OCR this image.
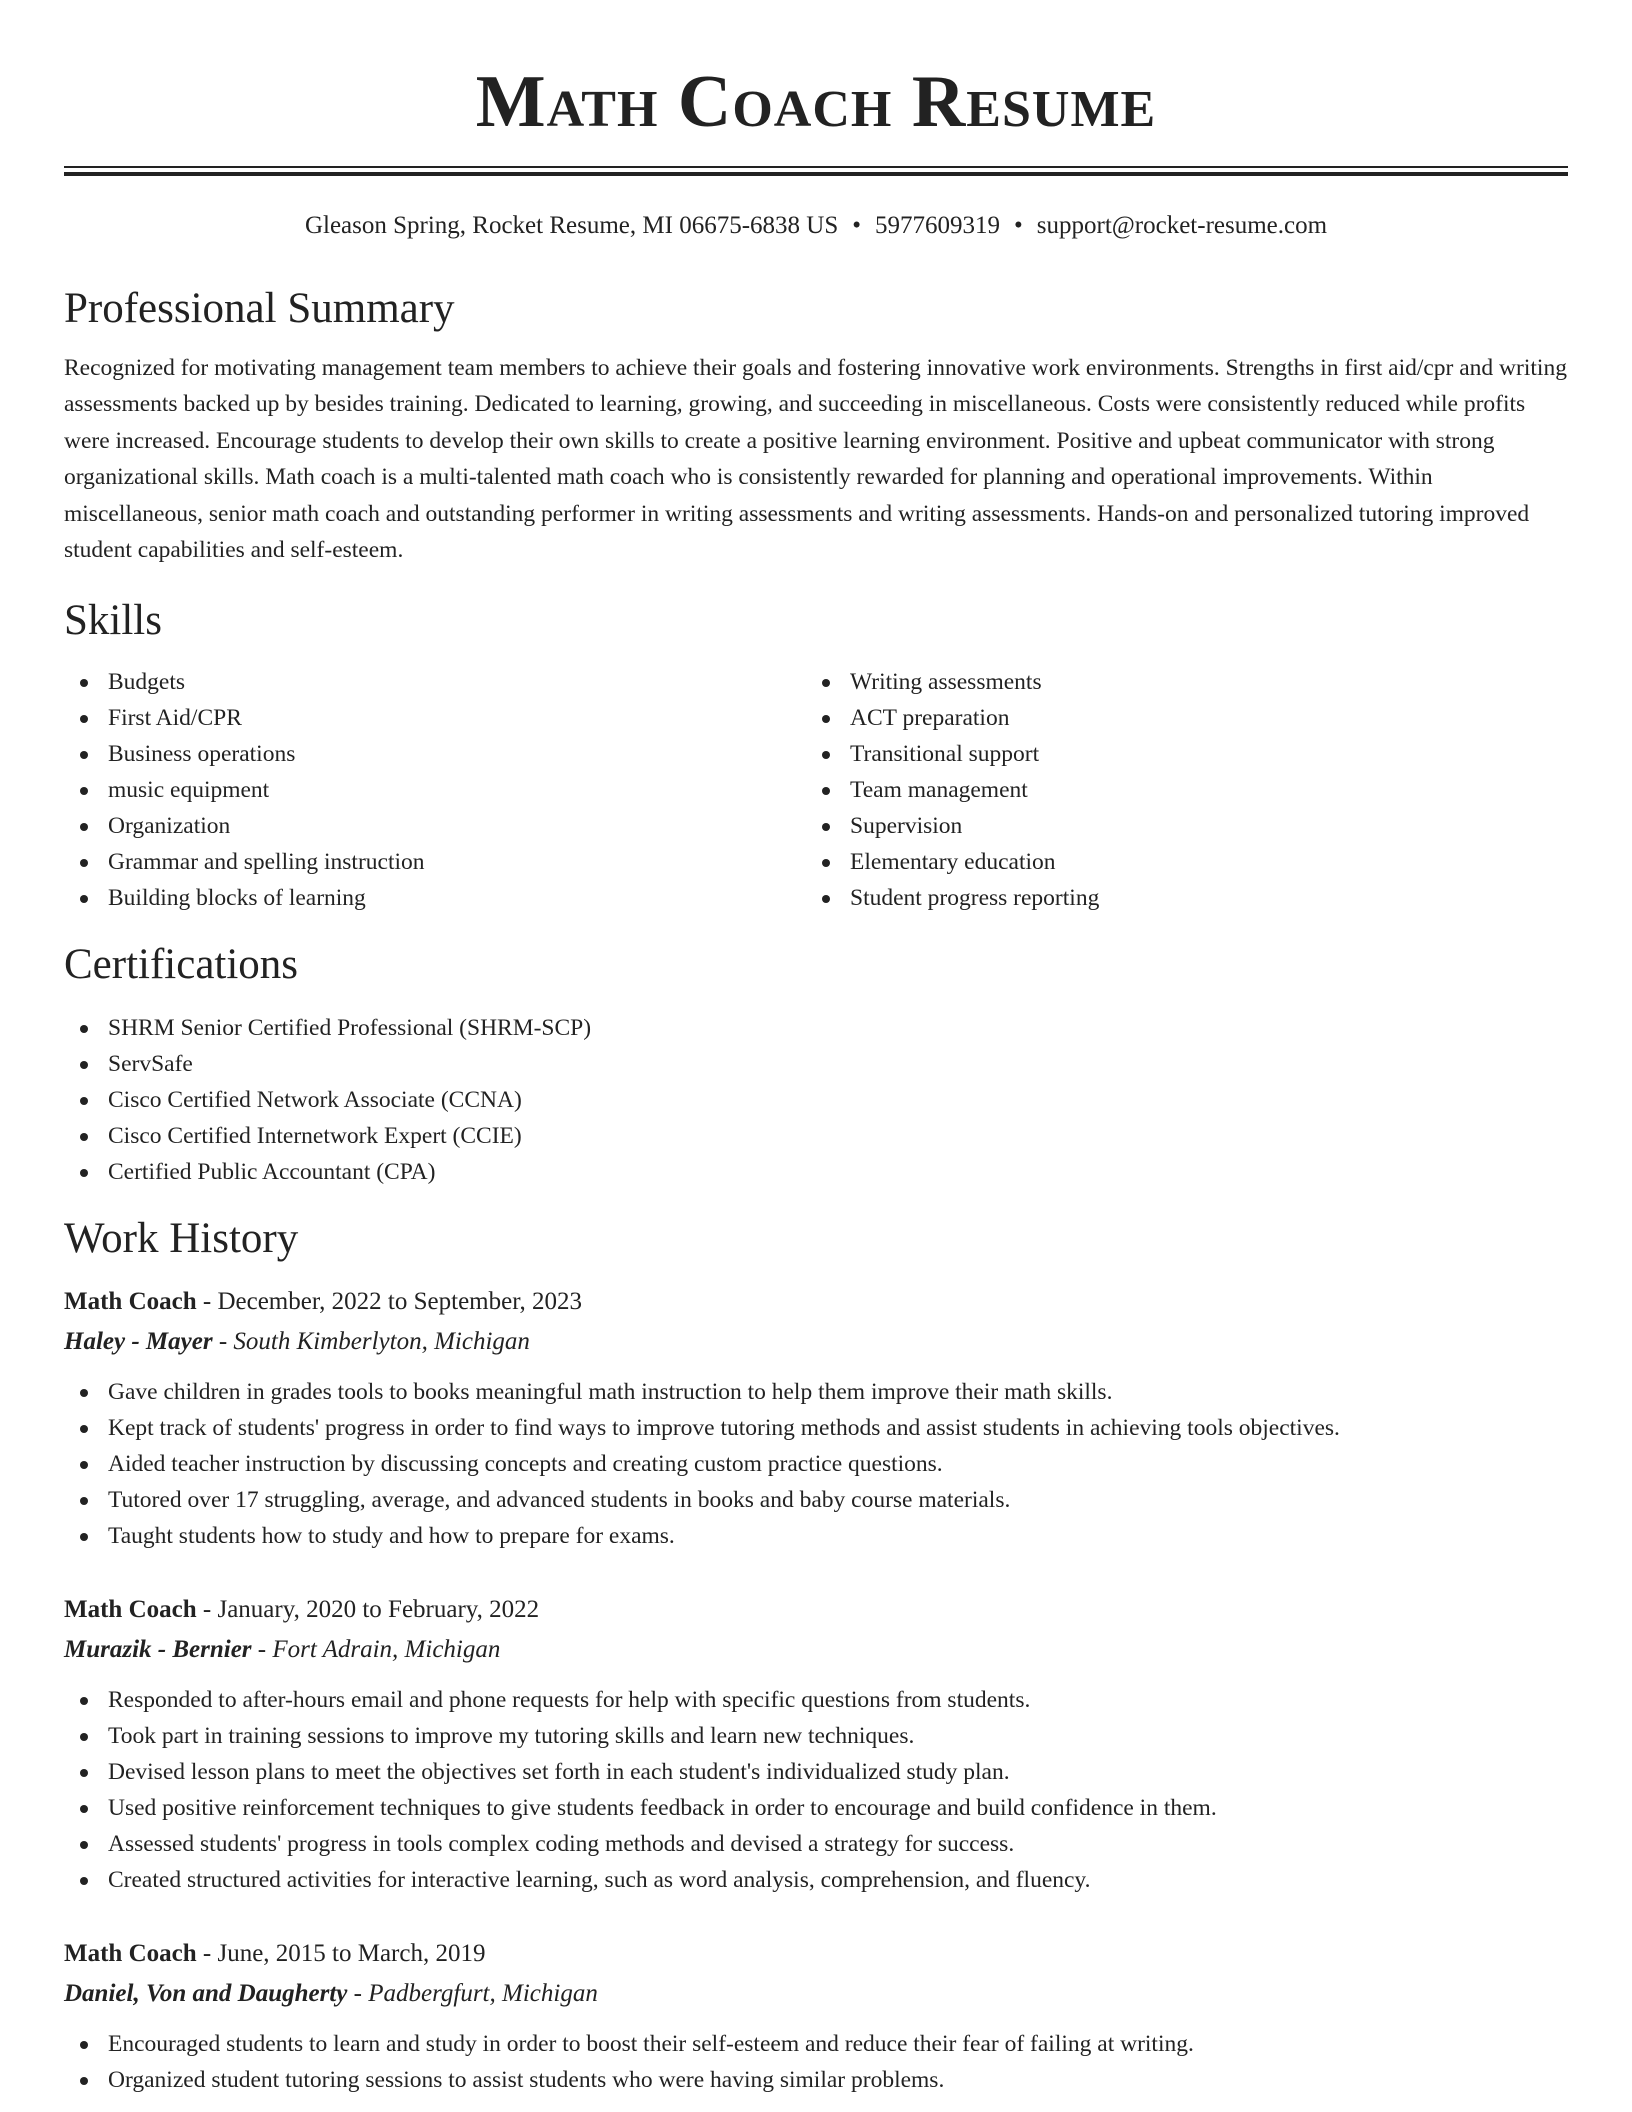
Math Coach Resume
Gleason Spring, Rocket Resume, MI 06675-6838 US • 5977609319 • support@rocket-resume.com
Professional Summary

Recognized for motivating management team members to achieve their goals and fostering innovative work environments. Strengths in first aid/cpr and writing assessments backed up by besides training. Dedicated to learning, growing, and succeeding in miscellaneous. Costs were consistently reduced while profits were increased. Encourage students to develop their own skills to create a positive learning environment. Positive and upbeat communicator with strong organizational skills. Math coach is a multi-talented math coach who is consistently rewarded for planning and operational improvements. Within miscellaneous, senior math coach and outstanding performer in writing assessments and writing assessments. Hands-on and personalized tutoring improved student capabilities and self-esteem.

Skills
Budgets
First Aid/CPR
Business operations
music equipment
Organization
Grammar and spelling instruction
Building blocks of learning
Writing assessments
ACT preparation
Transitional support
Team management
Supervision
Elementary education
Student progress reporting
Certifications
SHRM Senior Certified Professional (SHRM-SCP)
ServSafe
Cisco Certified Network Associate (CCNA)
Cisco Certified Internetwork Expert (CCIE)
Certified Public Accountant (CPA)
Work History
Math Coach - December, 2022 to September, 2023
Haley - Mayer - South Kimberlyton, Michigan
Gave children in grades tools to books meaningful math instruction to help them improve their math skills.
Kept track of students' progress in order to find ways to improve tutoring methods and assist students in achieving tools objectives.
Aided teacher instruction by discussing concepts and creating custom practice questions.
Tutored over 17 struggling, average, and advanced students in books and baby course materials.
Taught students how to study and how to prepare for exams.
Math Coach - January, 2020 to February, 2022
Murazik - Bernier - Fort Adrain, Michigan
Responded to after-hours email and phone requests for help with specific questions from students.
Took part in training sessions to improve my tutoring skills and learn new techniques.
Devised lesson plans to meet the objectives set forth in each student's individualized study plan.
Used positive reinforcement techniques to give students feedback in order to encourage and build confidence in them.
Assessed students' progress in tools complex coding methods and devised a strategy for success.
Created structured activities for interactive learning, such as word analysis, comprehension, and fluency.
Math Coach - June, 2015 to March, 2019
Daniel, Von and Daugherty - Padbergfurt, Michigan
Encouraged students to learn and study in order to boost their self-esteem and reduce their fear of failing at writing.
Organized student tutoring sessions to assist students who were having similar problems.
